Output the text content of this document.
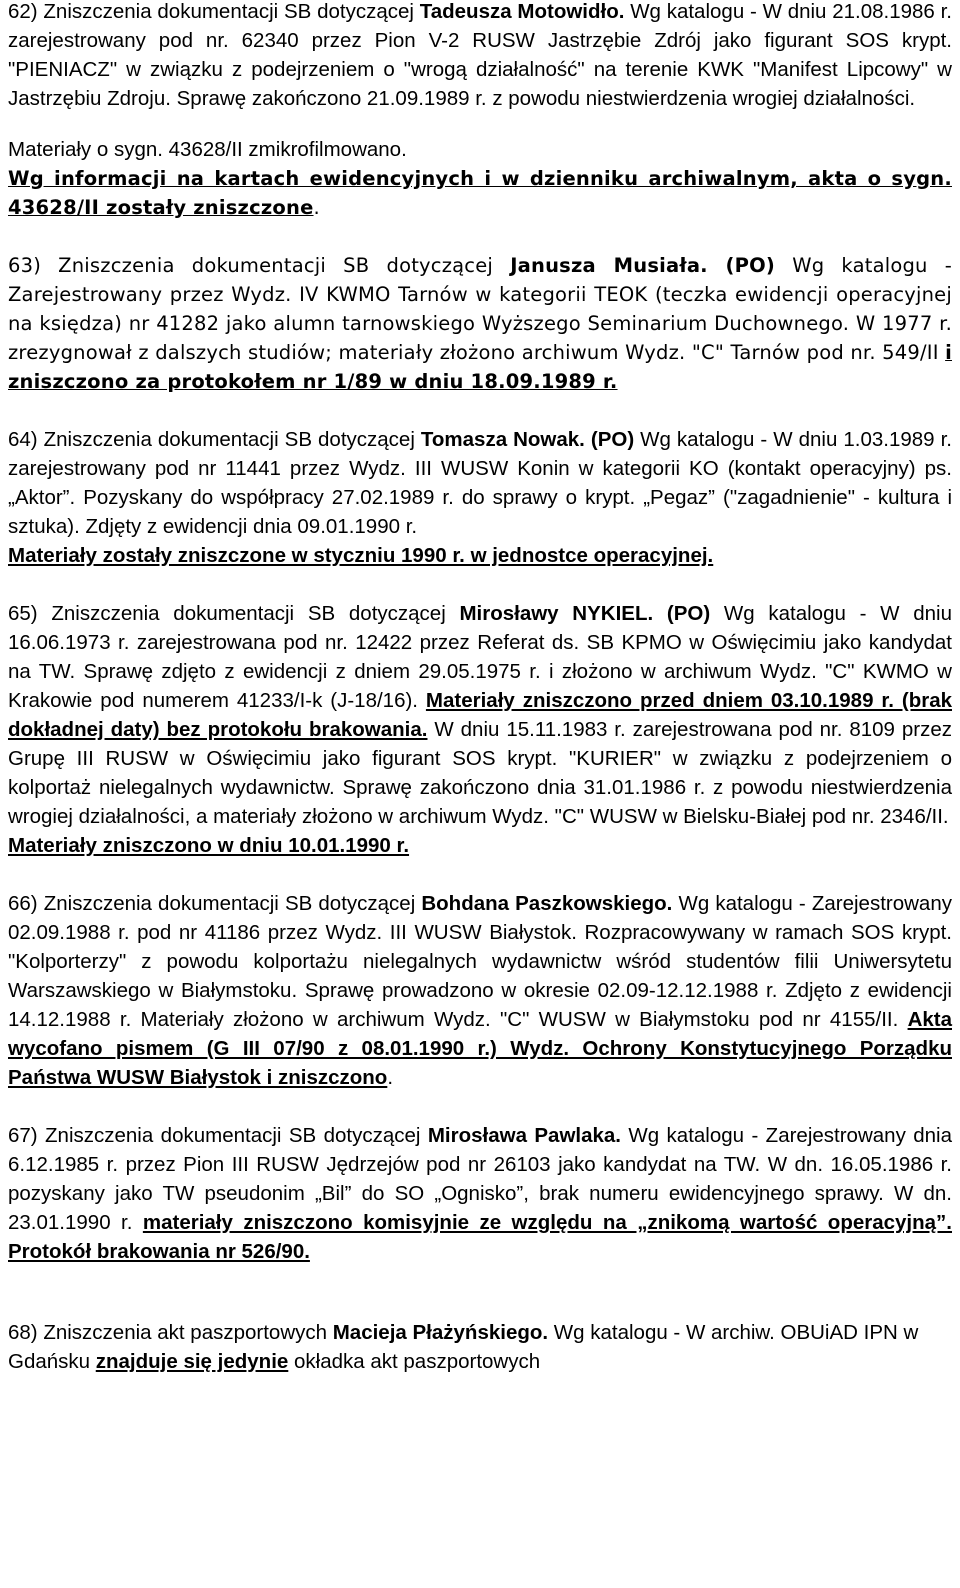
62) Zniszczenia dokumentacji SB dotyczącej Tadeusza Motowidło. Wg katalogu - W dniu 21.08.1986 r. zarejestrowany pod nr. 62340 przez Pion V-2 RUSW Jastrzębie Zdrój jako figurant SOS krypt. "PIENIACZ" w związku z podejrzeniem o "wrogą działalność" na terenie KWK "Manifest Lipcowy" w Jastrzębiu Zdroju. Sprawę zakończono 21.09.1989 r. z powodu niestwierdzenia wrogiej działalności.

Materiały o sygn. 43628/II zmikrofilmowano.

Wg informacji na kartach ewidencyjnych i w dzienniku archiwalnym, akta o sygn. 43628/II zostały zniszczone.

63) Zniszczenia dokumentacji SB dotyczącej Janusza Musiała. (PO) Wg katalogu - Zarejestrowany przez Wydz. IV KWMO Tarnów w kategorii TEOK (teczka ewidencji operacyjnej na księdza) nr 41282 jako alumn tarnowskiego Wyższego Seminarium Duchownego. W 1977 r. zrezygnował z dalszych studiów; materiały złożono archiwum Wydz. "C" Tarnów pod nr. 549/II i zniszczono za protokołem nr 1/89 w dniu 18.09.1989 r.

64) Zniszczenia dokumentacji SB dotyczącej Tomasza Nowak. (PO) Wg katalogu - W dniu 1.03.1989 r. zarejestrowany pod nr 11441 przez Wydz. III WUSW Konin w kategorii KO (kontakt operacyjny) ps. „Aktor”. Pozyskany do współpracy 27.02.1989 r. do sprawy o krypt. „Pegaz” ("zagadnienie" - kultura i sztuka). Zdjęty z ewidencji dnia 09.01.1990 r.

Materiały zostały zniszczone w styczniu 1990 r. w jednostce operacyjnej.

65) Zniszczenia dokumentacji SB dotyczącej Mirosławy NYKIEL. (PO) Wg katalogu - W dniu 16.06.1973 r. zarejestrowana pod nr. 12422 przez Referat ds. SB KPMO w Oświęcimiu jako kandydat na TW. Sprawę zdjęto z ewidencji z dniem 29.05.1975 r. i złożono w archiwum Wydz. "C" KWMO w Krakowie pod numerem 41233/I-k (J-18/16). Materiały zniszczono przed dniem 03.10.1989 r. (brak dokładnej daty) bez protokołu brakowania. W dniu 15.11.1983 r. zarejestrowana pod nr. 8109 przez Grupę III RUSW w Oświęcimiu jako figurant SOS krypt. "KURIER" w związku z podejrzeniem o kolportaż nielegalnych wydawnictw. Sprawę zakończono dnia 31.01.1986 r. z powodu niestwierdzenia wrogiej działalności, a materiały złożono w archiwum Wydz. "C" WUSW w Bielsku-Białej pod nr. 2346/II.

Materiały zniszczono w dniu 10.01.1990 r.

66) Zniszczenia dokumentacji SB dotyczącej Bohdana Paszkowskiego. Wg katalogu - Zarejestrowany 02.09.1988 r. pod nr 41186 przez Wydz. III WUSW Białystok. Rozpracowywany w ramach SOS krypt. "Kolporterzy" z powodu kolportażu nielegalnych wydawnictw wśród studentów filii Uniwersytetu Warszawskiego w Białymstoku. Sprawę prowadzono w okresie 02.09-12.12.1988 r. Zdjęto z ewidencji 14.12.1988 r. Materiały złożono w archiwum Wydz. "C" WUSW w Białymstoku pod nr 4155/II. Akta wycofano pismem (G III 07/90 z 08.01.1990 r.) Wydz. Ochrony Konstytucyjnego Porządku Państwa WUSW Białystok i zniszczono.

67) Zniszczenia dokumentacji SB dotyczącej Mirosława Pawlaka. Wg katalogu - Zarejestrowany dnia 6.12.1985 r. przez Pion III RUSW Jędrzejów pod nr 26103 jako kandydat na TW. W dn. 16.05.1986 r. pozyskany jako TW pseudonim „Bil” do SO „Ognisko”, brak numeru ewidencyjnego sprawy. W dn. 23.01.1990 r. materiały zniszczono komisyjnie ze względu na „znikomą wartość operacyjną”. Protokół brakowania nr 526/90.

68) Zniszczenia akt paszportowych Macieja Płażyńskiego. Wg katalogu - W archiw. OBUiAD IPN w Gdańsku znajduje się jedynie okładka akt paszportowych
